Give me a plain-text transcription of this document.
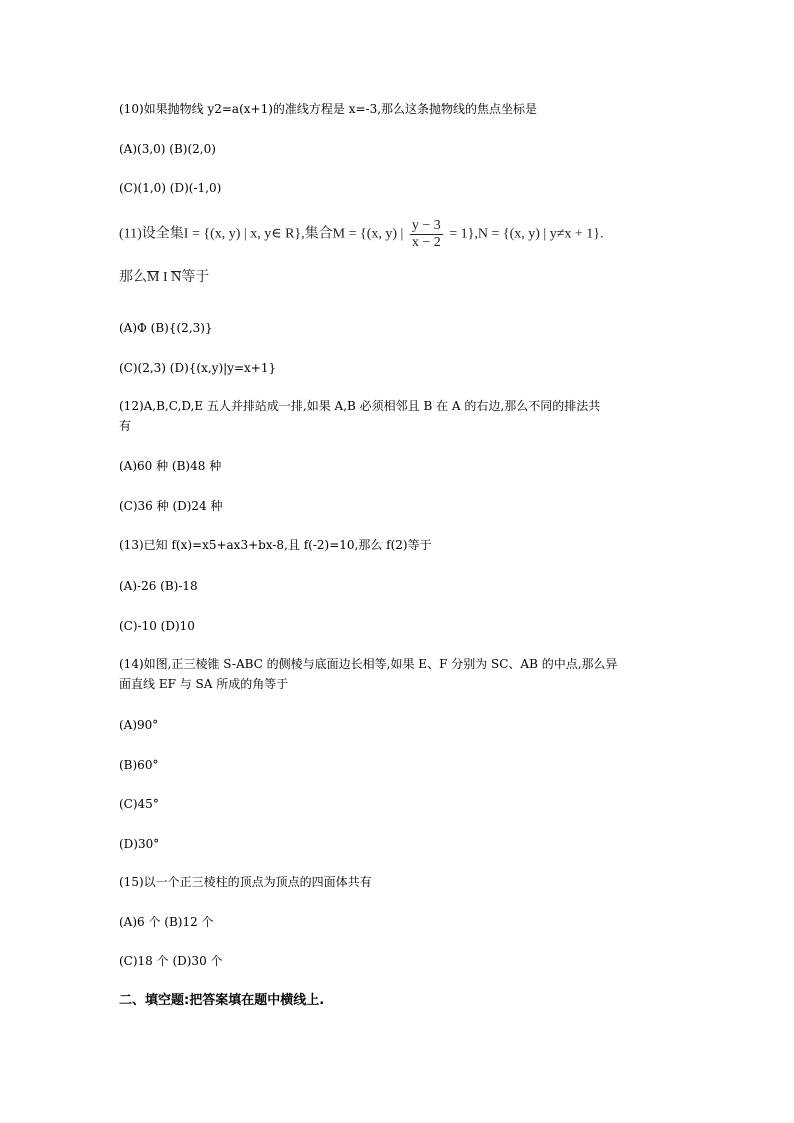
(10)如果抛物线 y2=a(x+1)的准线方程是 x=-3,那么这条抛物线的焦点坐标是
(A)(3,0) (B)(2,0)
(C)(1,0) (D)(-1,0)
(11)设全集I = {(x, y) | x, y∈ R},集合M = {(x, y) | $\frac{y - 3}{x - 2} = 1\},N = \{(x$, y) | y≠x + 1}.
那么M I N等于
(A)Φ (B){(2,3)}
(C)(2,3) (D){(x,y)|y=x+1}
(12)A,B,C,D,E 五人并排站成一排,如果 A,B 必须相邻且 B 在 A 的右边,那么不同的排法共
有
(A)60 种 (B)48 种
(C)36 种 (D)24 种
(13)已知 f(x)=x5+ax3+bx-8,且 f(-2)=10,那么 f(2)等于
(A)-26 (B)-18
(C)-10 (D)10
(14)如图,正三棱锥 S-ABC 的侧棱与底面边长相等,如果 E、F 分别为 SC、AB 的中点,那么异
面直线 EF 与 SA 所成的角等于
(A)90°
(B)60°
(C)45°
(D)30°
(15)以一个正三棱柱的顶点为顶点的四面体共有
(A)6 个 (B)12 个
(C)18 个 (D)30 个
二、填空题:把答案填在题中横线上.
